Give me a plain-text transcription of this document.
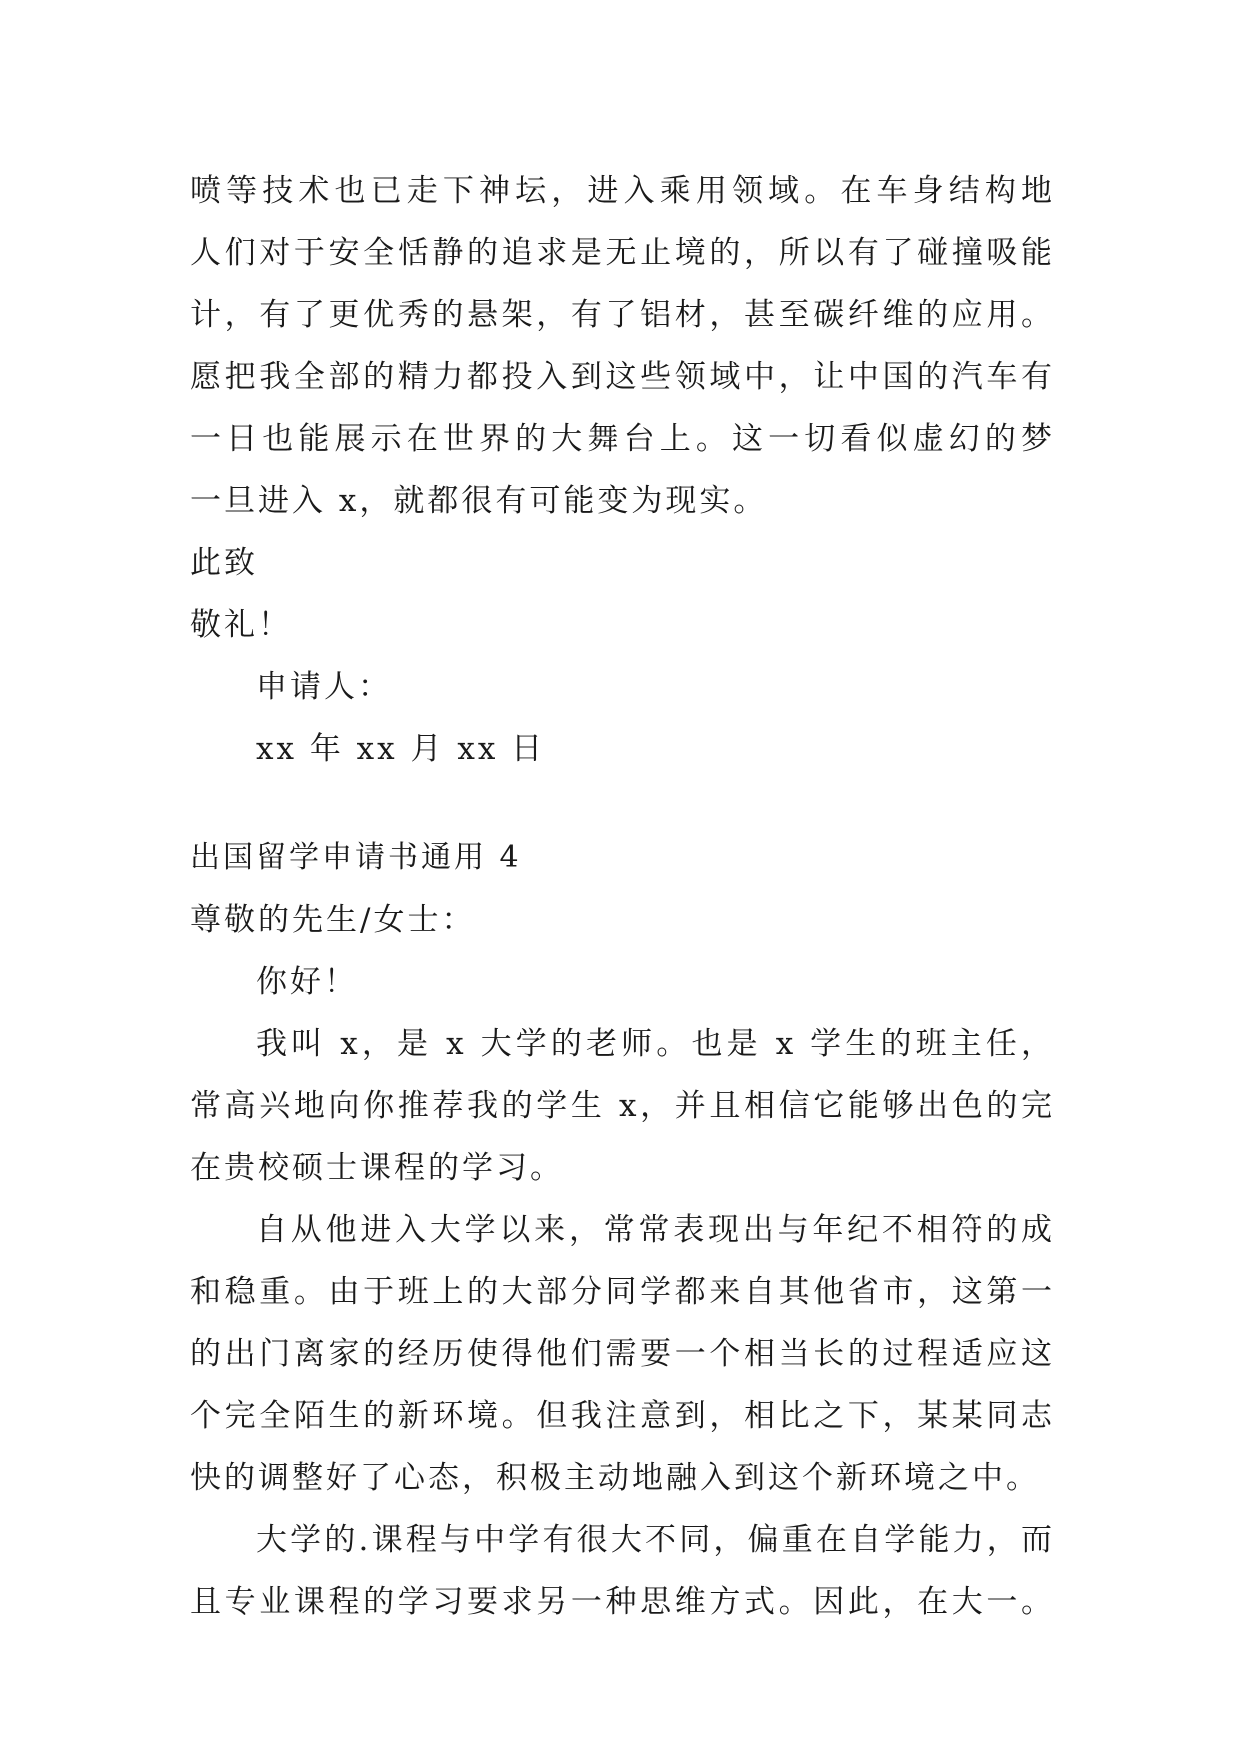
喷等技术也已走下神坛，进入乘用领域。在车身结构地
人们对于安全恬静的追求是无止境的，所以有了碰撞吸能
计，有了更优秀的悬架，有了铝材，甚至碳纤维的应用。
愿把我全部的精力都投入到这些领域中，让中国的汽车有
一日也能展示在世界的大舞台上。这一切看似虚幻的梦
一旦进入 x，就都很有可能变为现实。
此致
敬礼！
申请人：
xx 年 xx 月 xx 日
出国留学申请书通用 4
尊敬的先生/女士：
你好！
我叫 x，是 x 大学的老师。也是 x 学生的班主任，
常高兴地向你推荐我的学生 x，并且相信它能够出色的完
在贵校硕士课程的学习。
自从他进入大学以来，常常表现出与年纪不相符的成
和稳重。由于班上的大部分同学都来自其他省市，这第一
的出门离家的经历使得他们需要一个相当长的过程适应这
个完全陌生的新环境。但我注意到，相比之下，某某同志
快的调整好了心态，积极主动地融入到这个新环境之中。
大学的.课程与中学有很大不同，偏重在自学能力，而
且专业课程的学习要求另一种思维方式。因此，在大一。
